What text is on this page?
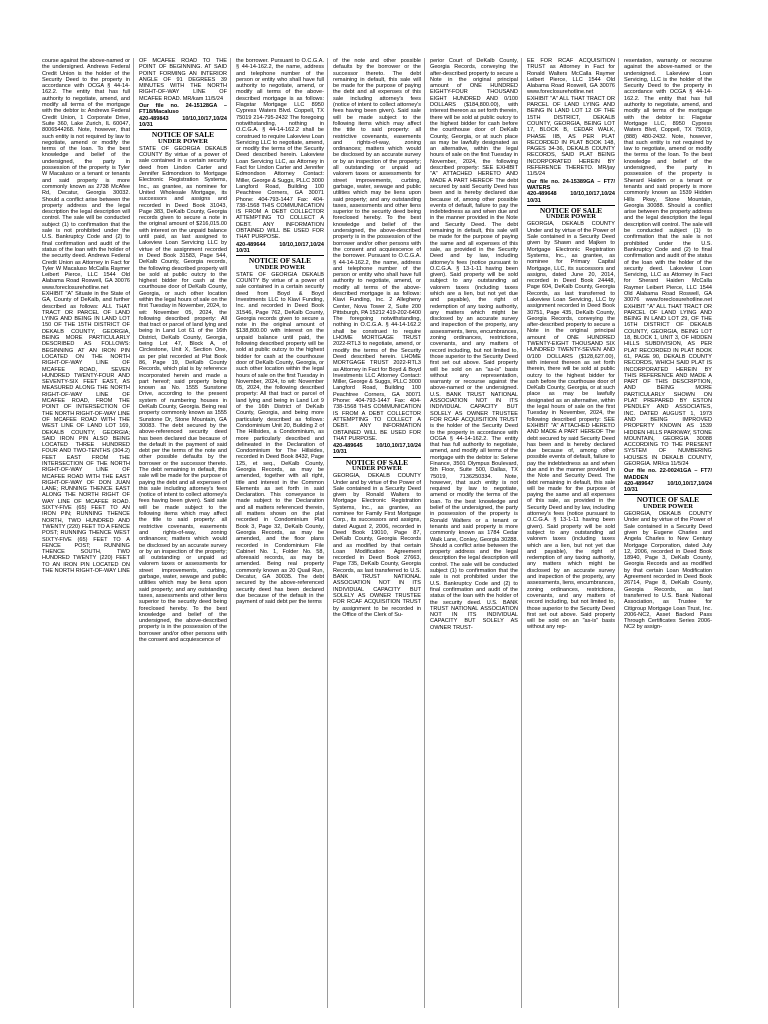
course against the above-named or the undersigned. Andrews Federal Credit Union is the holder of the Security Deed to the property in accordance with OCGA § 44-14-162.2. The entity that has full authority to negotiate, amend, and modify all terms of the mortgage with the debtor is: Andrews Federal Credit Union, 1 Corporate Drive, Suite 360, Lake Zurich, IL 60047, 8006544268. Note, however, that such entity is not required by law to negotiate, amend or modify the terms of the loan. To the best knowledge and belief of the undersigned, the party in possession of the property is Tyler W Macaluso or a tenant or tenants and said property is more commonly known as 2738 McAfee Rd, Decatur, Georgia 30032. Should a conflict arise between the property address and the legal description the legal description will control. The sale will be conducted subject (1) to confirmation that the sale is not prohibited under the U.S. Bankruptcy Code and (2) to final confirmation and audit of the status of the loan with the holder of the security deed. Andrews Federal Credit Union as Attorney in Fact for Tyler W Macaluso McCalla Raymer Leibert Pierce, LLC 1544 Old Alabama Road Roswell, GA 30076 www.foreclosurehotline.net EXHIBIT "A" Situate in the State of GA, County of DeKalb, and further described as follows: ALL THAT TRACT OR PARCEL OF LAND LYING AND BEING IN LAND LOT 150 OF THE 15TH DISTRICT OF DEKALB COUNTY, GEORGIA, BEING MORE PARTICULARLY DESCRIBED AS FOLLOWS: BEGINNING AT AN IRON PIN LOCATED ON THE NORTH RIGHT-OF-WAY LINE OF MCAFEE ROAD, SEVEN HUNDRED TWENTY-FOUR AND SEVENTY-SIX FEET EAST, AS MEASURED ALONG THE NORTH RIGHT-OF-WAY LINE OF MCAFEE ROAD, FROM THE POINT OF INTERSECTION OF THE NORTH RIGHT-OF-WAY LINE OF MCAFEE ROAD WITH THE WEST LINE OF LAND LOT 169, DEKALB COUNTY, GEORGIA; SAID IRON PIN ALSO BEING LOCATED THREE HUNDRED FOUR AND TWO-TENTHS (304.2) FEET EAST FROM THE INTERSECTION OF THE NORTH RIGHT-OF-WAY LINE OF MCAFEE ROAD WITH THE EAST RIGHT-OF-WAY OF DON JUAN LANE; RUNNING THENCE EAST ALONG THE NORTH RIGHT OF WAY LINE OF MCAFEE ROAD. SIXTY-FIVE (65) FEET TO AN IRON PIN; RUNNING THENCE NORTH, TWO HUNDRED AND TWENTY (220) FEET TO A FENCE POST; RUNNING THENCE WEST SIXTY-FIVE (65) FEET TO A FENCE POST; RUNNING THENCE SOUTH, TWO HUNDRED TWENTY (220) FEET TO AN IRON PIN LOCATED ON THE NORTH RIGHT-OF-WAY LINE

OF MCAFEE ROAD TO THE POINT OF BEGINNING. AT SAID POINT FORMING AN INTERIOR ANGLE OF 91 DEGREES 39 MINUTES WITH THE NORTH RIGHT-OF-WAY LINE OF MCAFEE ROAD. MR/kam 11/5/24

Our file no. 24-15128GA – FT18/Macaluso

420-489843 10/10,10/17,10/24 10/31

NOTICE OF SALE
UNDER POWER

STATE OF GEORGIA DEKALB COUNTY By virtue of a power of sale contained in a certain security deed from Lindon Carter and Jennifer Edmondson to Mortgage Electronic Registration Systems, Inc., as grantee, as nominee for United Wholesale Mortgage, its successors and assigns and recorded in Deed Book 31043, Page 383, DeKalb County, Georgia records given to secure a note in the original amount of $216,015.00 with interest on the unpaid balance until paid, as last assigned to Lakeview Loan Servicing LLC by virtue of the assignment recorded in Deed Book 31583, Page 544, DeKalb County, Georgia records, the following described property will be sold at public outcry to the highest bidder for cash at the courthouse door of DeKalb County, Georgia, or such other location within the legal hours of sale on the first Tuesday in November, 2024, to wit: November 05, 2024, the following described property: All that tract or parcel of land lying and being in Land Lot 61 of the 16th District, DeKalb County, Georgia, being Lot 47, Block A, of Circlestone, Unit X, Section One, as per plat recorded at Plat Book 86, Page 19, DeKalb County Records, which plat is by reference incorporated herein and made a part hereof; said property being known as No. 1555 Sunstone Drive, according to the present system of numbering houses in DeKalb County, Georgia. Being real property commonly known as 1555 Sunstone Dr, Stone Mountain, GA 30083. The debt secured by the above-referenced security deed has been declared due because of the default in the payment of said debt per the terms of the note and other possible defaults by the borrower or the successor thereto. The debt remaining in default, this sale will be made for the purpose of paying the debt and all expenses of this sale including attorney's fees (notice of intent to collect attorney's fees having been given). Said sale will be made subject to the following items which may affect the title to said property: all restrictive covenants, easements and rights-of-way, zoning ordinances; matters which would be disclosed by an accurate survey or by an inspection of the property; all outstanding or unpaid ad valorem taxes or assessments for street improvements, curbing, garbage, water, sewage and public utilities which may be liens upon said property; and any outstanding taxes, assessments and other liens superior to the security deed being foreclosed hereby. To the best knowledge and belief of the undersigned, the above-described property is in the possession of the borrower and/or other persons with the consent and acquiescence of

the borrower. Pursuant to O.C.G.A. § 44-14-162.2, the name, address and telephone number of the person or entity who shall have full authority to negotiate, amend, or modify all terms of the above-described mortgage is as follows: Flagstar Mortgage LLC 8950 Cypress Waters Blvd. Coppell, TX 75019 214-795-2432 The foregoing notwithstanding, nothing in O.C.G.A. § 44-14-162.2 shall be construed to require Lakeview Loan Servicing LLC to negotiate, amend, or modify the terms of the Security Deed described herein. Lakeview Loan Servicing LLC, as Attorney in Fact for Lindon Carter and Jennifer Edmondson Attorney Contact: Miller, George & Suggs, PLLC 3000 Langford Road, Building 100 Peachtree Corners, GA 30071 Phone: 404-793-1447 Fax: 404-738-1568 THIS COMMUNICATION IS FROM A DEBT COLLECTOR ATTEMPTING TO COLLECT A DEBT. ANY INFORMATION OBTAINED WILL BE USED FOR THAT PURPOSE.

420-489644 10/10,10/17,10/24 10/31

NOTICE OF SALE
UNDER POWER

STATE OF GEORGIA DEKALB COUNTY By virtue of a power of sale contained in a certain security deed from Boyd & Boyd Investments LLC to Kiavi Funding, Inc. and recorded in Deed Book 31546, Page 762, DeKalb County, Georgia records given to secure a note in the original amount of $138,800.00 with interest on the unpaid balance until paid, the following described property will be sold at public outcry to the highest bidder for cash at the courthouse door of DeKalb County, Georgia, or such other location within the legal hours of sale on the first Tuesday in November, 2024, to wit: November 05, 2024, the following described property: All that tract or parcel of land lying and being in Land Lot 9 of the 16th District of DeKalb County, Georgia, and being more particularly described as follows: Condominium Unit 20, Building 2 of The Hillsides, a Condominium, as more particularly described and delineated in the Declaration of Condominium for The Hillsides, recorded in Deed Book 8432, Page 125, et seq., DeKalb County, Georgia Records, as may be amended, together with all right, title and interest in the Common Elements as set forth in said Declaration. This conveyance is made subject to the Declaration and all matters referenced therein, all matters shown on the plat recorded in Condominium Plat Book 3, Page 32, DeKalb County, Georgia Records, as may be amended, and the floor plans recorded in Condominium File Cabinet No. 1, Folder No. 58, aforesaid records, as may be amended. Being real property commonly known as 20 Quail Run, Decatur, GA 30035. The debt secured by the above-referenced security deed has been declared due because of the default in the payment of said debt per the terms

of the note and other possible defaults by the borrower or the successor thereto. The debt remaining in default, this sale will be made for the purpose of paying the debt and all expenses of this sale including attorney's fees (notice of intent to collect attorney's fees having been given). Said sale will be made subject to the following items which may affect the title to said property: all restrictive covenants, easements and rights-of-way, zoning ordinances; matters which would be disclosed by an accurate survey or by an inspection of the property; all outstanding or unpaid ad valorem taxes or assessments for street improvements, curbing, garbage, water, sewage and public utilities which may be liens upon said property; and any outstanding taxes, assessments and other liens superior to the security deed being foreclosed hereby. To the best knowledge and belief of the undersigned, the above-described property is in the possession of the borrower and/or other persons with the consent and acquiescence of the borrower. Pursuant to O.C.G.A. § 44-14-162.2, the name, address and telephone number of the person or entity who shall have full authority to negotiate, amend, or modify all terms of the above-described mortgage is as follows: Kiavi Funding, Inc. 2 Allegheny Center, Nova Tower 2, Suite 200 Pittsburgh, PA 15212 419-202-6400 The foregoing notwithstanding, nothing in O.C.G.A. § 44-14-162.2 shall be construed to require LHOME MORTGAGE TRUST 2022-RTL3 to negotiate, amend, or modify the terms of the Security Deed described herein. LHOME MORTGAGE TRUST 2022-RTL3 as Attorney in Fact for Boyd & Boyd Investments LLC Attorney Contact: Miller, George & Suggs, PLLC 3000 Langford Road, Building 100 Peachtree Corners, GA 30071 Phone: 404-793-1447 Fax: 404-738-1568 THIS COMMUNICATION IS FROM A DEBT COLLECTOR ATTEMPTING TO COLLECT A DEBT. ANY INFORMATION OBTAINED WILL BE USED FOR THAT PURPOSE.

420-489645 10/10,10/17,10/24 10/31

NOTICE OF SALE
UNDER POWER

GEORGIA, DEKALB COUNTY Under and by virtue of the Power of Sale contained in a Security Deed given by Ronald Walters to Mortgage Electronic Registration Systems, Inc., as grantee, as nominee for Family First Mortgage Corp., its successors and assigns, dated August 2, 2006, recorded in Deed Book 19010, Page 87, DeKalb County, Georgia Records and as modified by that certain Loan Modification Agreement recorded in Deed Book 27663, Page 735, DeKalb County, Georgia Records, as last transferred to U.S. BANK TRUST NATIONAL ASSOCIATION NOT IN ITS INDIVIDUAL CAPACITY BUT SOLELY AS OWNER TRUSTEE FOR RCAF ACQUISITION TRUST by assignment to be recorded in the Office of the Clerk of Su-

perior Court of DeKalb County, Georgia Records, conveying the after-described property to secure a Note in the original principal amount of ONE HUNDRED EIGHTY-FOUR THOUSAND EIGHT HUNDRED AND 0/100 DOLLARS ($184,800.00), with interest thereon as set forth therein, there will be sold at public outcry to the highest bidder for cash before the courthouse door of DeKalb County, Georgia, or at such place as may be lawfully designated as an alternative, within the legal hours of sale on the first Tuesday in November, 2024, the following described property: SEE EXHIBIT "A" ATTACHED HERETO AND MADE A PART HEREOF The debt secured by said Security Deed has been and is hereby declared due because of, among other possible events of default, failure to pay the indebtedness as and when due and in the manner provided in the Note and Security Deed. The debt remaining in default, this sale will be made for the purpose of paying the same and all expenses of this sale, as provided in the Security Deed and by law, including attorney's fees (notice pursuant to O.C.G.A. § 13-1-11 having been given). Said property will be sold subject to any outstanding ad valorem taxes (including taxes which are a lien, but not yet due and payable), the right of redemption of any taxing authority, any matters which might be disclosed by an accurate survey and inspection of the property, any assessments, liens, encumbrances, zoning ordinances, restrictions, covenants, and any matters of record including, but not limited to, those superior to the Security Deed first set out above. Said property will be sold on an "as-is" basis without any representation, warranty or recourse against the above-named or the undersigned. U.S. BANK TRUST NATIONAL ASSOCIATION NOT IN ITS INDIVIDUAL CAPACITY BUT SOLELY AS OWNER TRUSTEE FOR RCAF ACQUISITION TRUST is the holder of the Security Deed to the property in accordance with OCGA § 44-14-162.2. The entity that has full authority to negotiate, amend, and modify all terms of the mortgage with the debtor is: Selene Finance, 3501 Olympus Boulevard, 5th Floor, Suite 500, Dallas, TX 75019, 7136250334. Note, however, that such entity is not required by law to negotiate, amend or modify the terms of the loan. To the best knowledge and belief of the undersigned, the party in possession of the property is Ronald Walters or a tenant or tenants and said property is more commonly known as 1784 Cedar Walk Lane, Conley, Georgia 30288. Should a conflict arise between the property address and the legal description the legal description will control. The sale will be conducted subject (1) to confirmation that the sale is not prohibited under the U.S. Bankruptcy Code and (2) to final confirmation and audit of the status of the loan with the holder of the security deed. U.S. BANK TRUST NATIONAL ASSOCIATION NOT IN ITS INDIVIDUAL CAPACITY BUT SOLELY AS OWNER TRUST-

EE FOR RCAF ACQUISITION TRUST as Attorney in Fact for Ronald Walters McCalla Raymer Leibert Pierce, LLC 1544 Old Alabama Road Roswell, GA 30076 www.foreclosurehotline.net EXHIBIT "A" ALL THAT TRACT OR PARCEL OF LAND LYING AND BEING IN LAND LOT 12 OF THE 15TH DISTRICT, DEKALB COUNTY, GEORGIA, BEING LOT 17, BLOCK B, CEDAR WALK, PHASE IIB, AS PER PLAT RECORDED IN PLAT BOOK 148, PAGES 34-36, DEKALB COUNTY RECORDS, SAID PLAT BEING INCORPORATED HEREIN BY REFERENCE THERETO. MR/jay 11/5/24

Our file no. 24-15389GA – FT7/ WATERS

420-489648 10/10,10/17,10/24 10/31

NOTICE OF SALE
UNDER POWER

GEORGIA, DEKALB COUNTY Under and by virtue of the Power of Sale contained in a Security Deed given by Shawn and Majken to Mortgage Electronic Registration Systems, Inc., as grantee, as nominee for Primary Capital Mortgage, LLC, its successors and assigns, dated June 20, 2014, recorded in Deed Book 24448, Page 604, DeKalb County, Georgia Records, as last transferred to Lakeview Loan Servicing, LLC by assignment recorded in Deed Book 30751, Page 435, DeKalb County, Georgia Records, conveying the after-described property to secure a Note in the original principal amount of ONE HUNDRED TWENTY-EIGHT THOUSAND SIX HUNDRED TWENTY-SEVEN AND 0/100 DOLLARS ($128,627.00), with interest thereon as set forth therein, there will be sold at public outcry to the highest bidder for cash before the courthouse door of DeKalb County, Georgia, or at such place as may be lawfully designated as an alternative, within the legal hours of sale on the first Tuesday in November, 2024, the following described property: SEE EXHIBIT "A" ATTACHED HERETO AND MADE A PART HEREOF The debt secured by said Security Deed has been and is hereby declared due because of, among other possible events of default, failure to pay the indebtedness as and when due and in the manner provided in the Note and Security Deed. The debt remaining in default, this sale will be made for the purpose of paying the same and all expenses of this sale, as provided in the Security Deed and by law, including attorney's fees (notice pursuant to O.C.G.A. § 13-1-11 having been given). Said property will be sold subject to any outstanding ad valorem taxes (including taxes which are a lien, but not yet due and payable), the right of redemption of any taxing authority, any matters which might be disclosed by an accurate survey and inspection of the property, any assessments, liens, encumbrances, zoning ordinances, restrictions, covenants, and any matters of record including, but not limited to, those superior to the Security Deed first set out above. Said property will be sold on an "as-is" basis without any rep-

resentation, warranty or recourse against the above-named or the undersigned. Lakeview Loan Servicing, LLC is the holder of the Security Deed to the property in accordance with OCGA § 44-14-162.2. The entity that has full authority to negotiate, amend, and modify all terms of the mortgage with the debtor is: Flagstar Mortgage LLC, 8950 Cypress Waters Blvd, Coppell, TX 75019, (888) 480-2432. Note, however, that such entity is not required by law to negotiate, amend or modify the terms of the loan. To the best knowledge and belief of the undersigned, the party in possession of the property is Sherard Haiden or a tenant or tenants and said property is more commonly known as 1539 Hidden Hills Pkwy, Stone Mountain, Georgia 30088. Should a conflict arise between the property address and the legal description the legal description will control. The sale will be conducted subject (1) to confirmation that the sale is not prohibited under the U.S. Bankruptcy Code and (2) to final confirmation and audit of the status of the loan with the holder of the security deed. Lakeview Loan Servicing, LLC as Attorney in Fact for Sherard Haiden McCalla Raymer Leibert Pierce, LLC 1544 Old Alabama Road Roswell, GA 30076 www.foreclosurehotline.net EXHIBIT "A" ALL THAT TRACT OR PARCEL OF LAND LYING AND BEING IN LAND LOT 29, OF THE 16TH DISTRICT OF DEKALB COUNTY, GEORGIA, BEING LOT 18, BLOCK 1, UNIT 3, OF HIDDEN HILLS SUBDIVISION, AS PER PLAT RECORDED IN PLAT BOOK 61, PAGE 90, DEKALB COUNTY RECORDS, WHICH SAID PLAT IS INCORPORATED HEREIN BY THIS REFERENCE AND MADE A PART OF THIS DESCRIPTION, AND BEING MORE PARTICULARLY SHOWN ON PLAT PREPARED BY ESTON PENDLEY AND ASSOCIATES, INC. DATED AUGUST 1, 1973 AND BEING IMPROVED PROPERTY KNOWN AS 1539 HIDDEN HILLS PARKWAY, STONE MOUNTAIN, GEORGIA 30088 ACCORDING TO THE PRESENT SYSTEM OF NUMBERING HOUSES IN DEKALB COUNTY, GEORGIA. MR/ca 11/5/24

Our file no. 22-00241GA – FT7/ MADDEN

420-489647 10/10,10/17,10/24 10/31

NOTICE OF SALE
UNDER POWER

GEORGIA, DEKALB COUNTY Under and by virtue of the Power of Sale contained in a Security Deed given by Eugene Charles and Angela Charles to New Century Mortgage Corporation, dated July 12, 2006, recorded in Deed Book 18940, Page 3, DeKalb County, Georgia Records and as modified by that certain Loan Modification Agreement recorded in Deed Book 26714, Page 8, DeKalb County, Georgia Records, as last transferred to U.S. Bank National Association, as Trustee for Citigroup Mortgage Loan Trust, Inc. 2006-NC2, Asset Backed Pass Through Certificates Series 2006-NC2 by assign-
